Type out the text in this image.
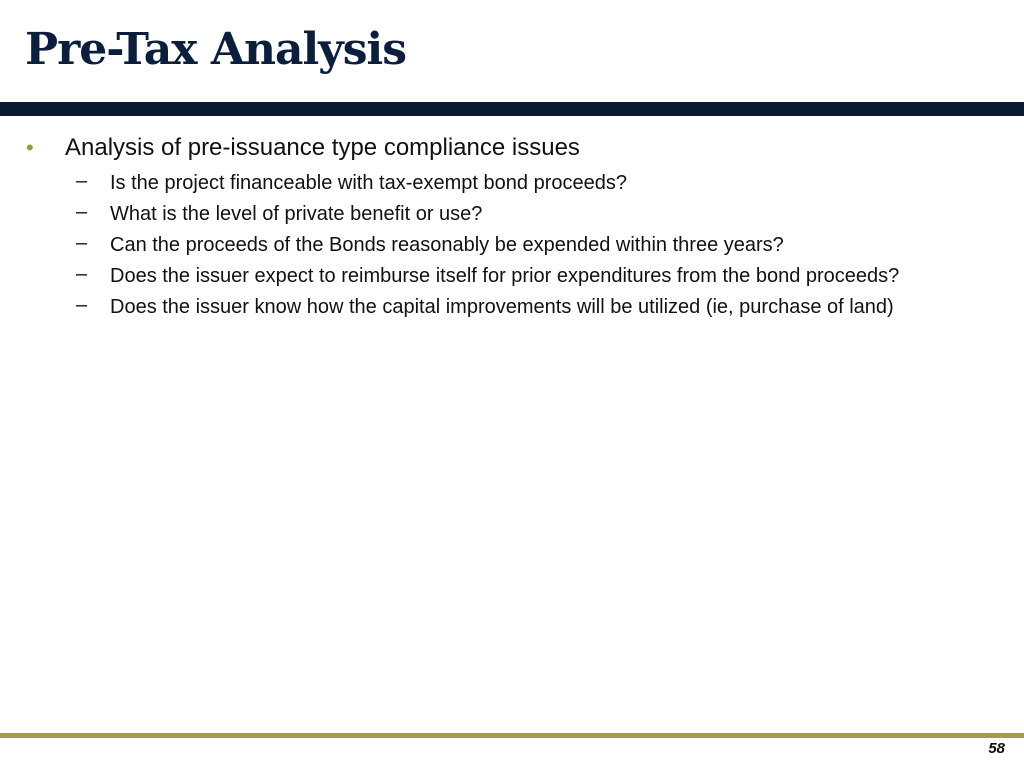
Pre-Tax Analysis
• Analysis of pre-issuance type compliance issues
– Is the project financeable with tax-exempt bond proceeds?
– What is the level of private benefit or use?
– Can the proceeds of the Bonds reasonably be expended within three years?
– Does the issuer expect to reimburse itself for prior expenditures from the bond proceeds?
– Does the issuer know how the capital improvements will be utilized (ie, purchase of land)
58
